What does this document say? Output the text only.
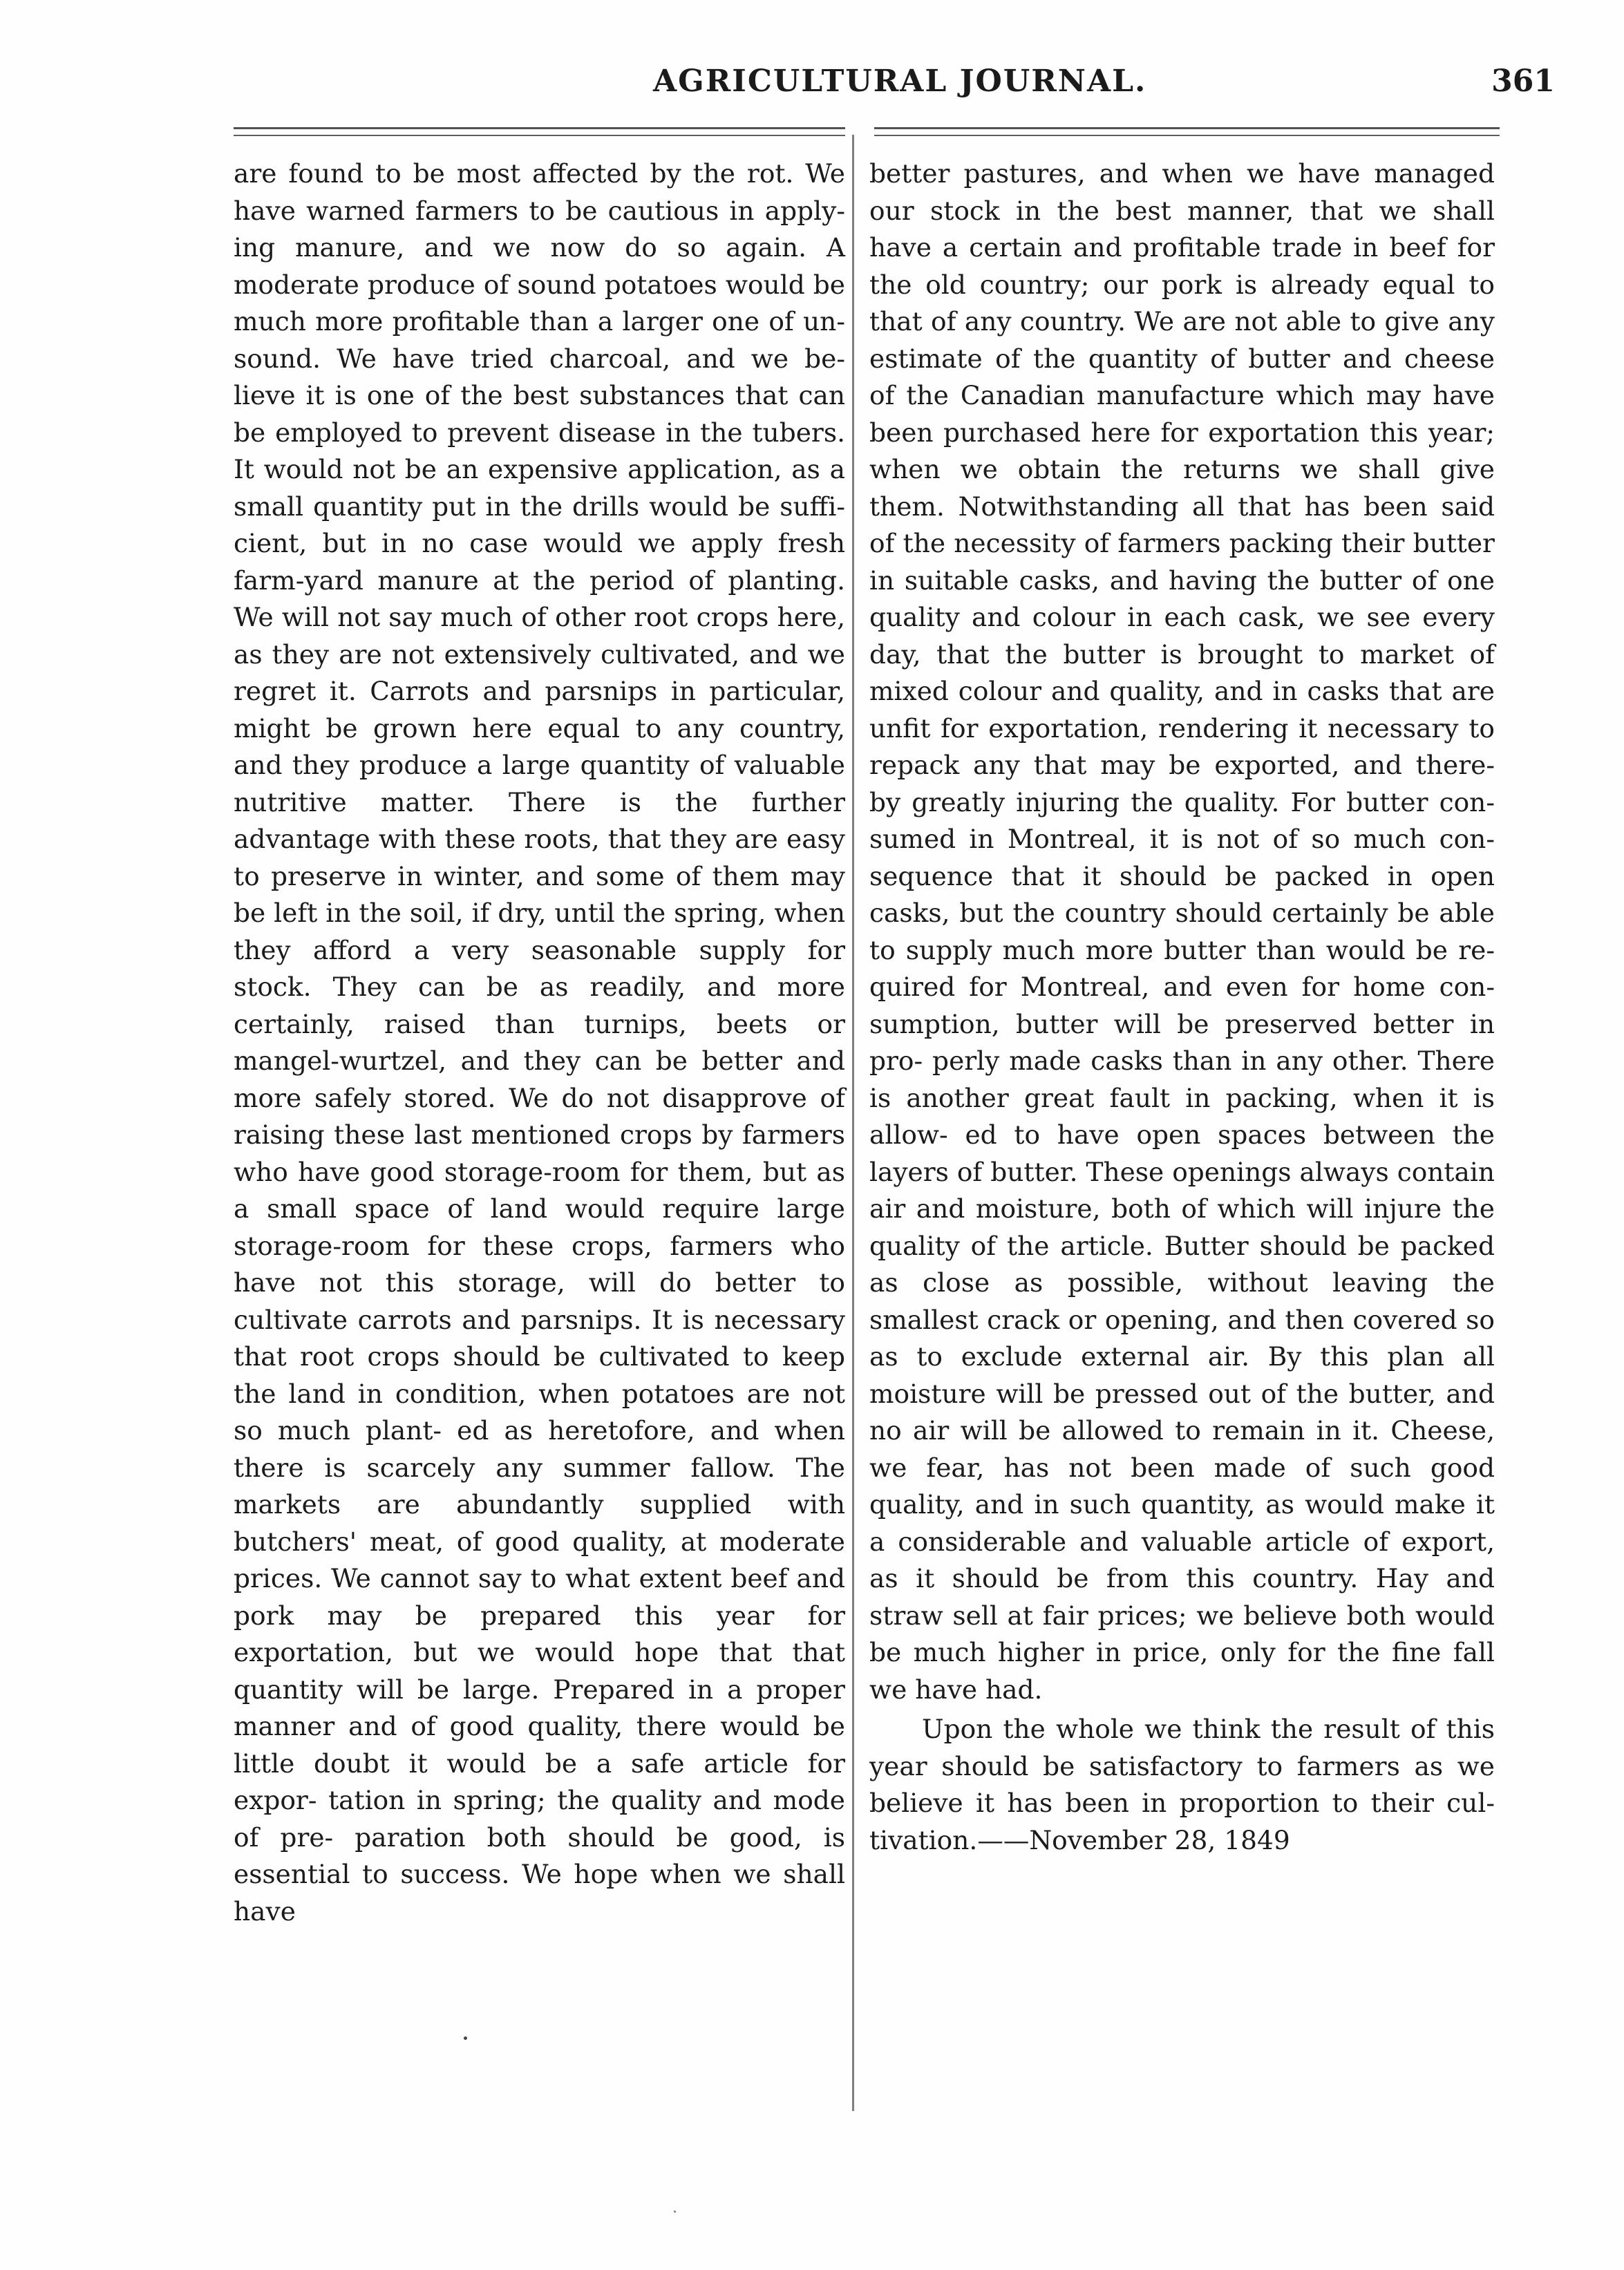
AGRICULTURAL JOURNAL.	361

are found to be most affected by the rot. We have warned farmers to be cautious in apply- ing manure, and we now do so again. A moderate produce of sound potatoes would be much more profitable than a larger one of un- sound. We have tried charcoal, and we be- lieve it is one of the best substances that can be employed to prevent disease in the tubers. It would not be an expensive application, as a small quantity put in the drills would be suffi- cient, but in no case would we apply fresh farm-yard manure at the period of planting. We will not say much of other root crops here, as they are not extensively cultivated, and we regret it. Carrots and parsnips in particular, might be grown here equal to any country, and they produce a large quantity of valuable nutritive matter. There is the further advantage with these roots, that they are easy to preserve in winter, and some of them may be left in the soil, if dry, until the spring, when they afford a very seasonable supply for stock. They can be as readily, and more certainly, raised than turnips, beets or mangel-wurtzel, and they can be better and more safely stored. We do not disapprove of raising these last mentioned crops by farmers who have good storage-room for them, but as a small space of land would require large storage-room for these crops, farmers who have not this storage, will do better to cultivate carrots and parsnips. It is necessary that root crops should be cultivated to keep the land in condition, when potatoes are not so much plant- ed as heretofore, and when there is scarcely any summer fallow. The markets are abundantly supplied with butchers' meat, of good quality, at moderate prices. We cannot say to what extent beef and pork may be prepared this year for exportation, but we would hope that that quantity will be large. Prepared in a proper manner and of good quality, there would be little doubt it would be a safe article for expor- tation in spring; the quality and mode of pre- paration both should be good, is essential to success. We hope when we shall have

better pastures, and when we have managed our stock in the best manner, that we shall have a certain and profitable trade in beef for the old country; our pork is already equal to that of any country. We are not able to give any estimate of the quantity of butter and cheese of the Canadian manufacture which may have been purchased here for exportation this year; when we obtain the returns we shall give them. Notwithstanding all that has been said of the necessity of farmers packing their butter in suitable casks, and having the butter of one quality and colour in each cask, we see every day, that the butter is brought to market of mixed colour and quality, and in casks that are unfit for exportation, rendering it necessary to repack any that may be exported, and there- by greatly injuring the quality. For butter con- sumed in Montreal, it is not of so much con- sequence that it should be packed in open casks, but the country should certainly be able to supply much more butter than would be re- quired for Montreal, and even for home con- sumption, butter will be preserved better in pro- perly made casks than in any other. There is another great fault in packing, when it is allow- ed to have open spaces between the layers of butter. These openings always contain air and moisture, both of which will injure the quality of the article. Butter should be packed as close as possible, without leaving the smallest crack or opening, and then covered so as to exclude external air. By this plan all moisture will be pressed out of the butter, and no air will be allowed to remain in it. Cheese, we fear, has not been made of such good quality, and in such quantity, as would make it a considerable and valuable article of export, as it should be from this country. Hay and straw sell at fair prices; we believe both would be much higher in price, only for the fine fall we have had.

Upon the whole we think the result of this year should be satisfactory to farmers as we believe it has been in proportion to their cul- tivation.——November 28, 1849
